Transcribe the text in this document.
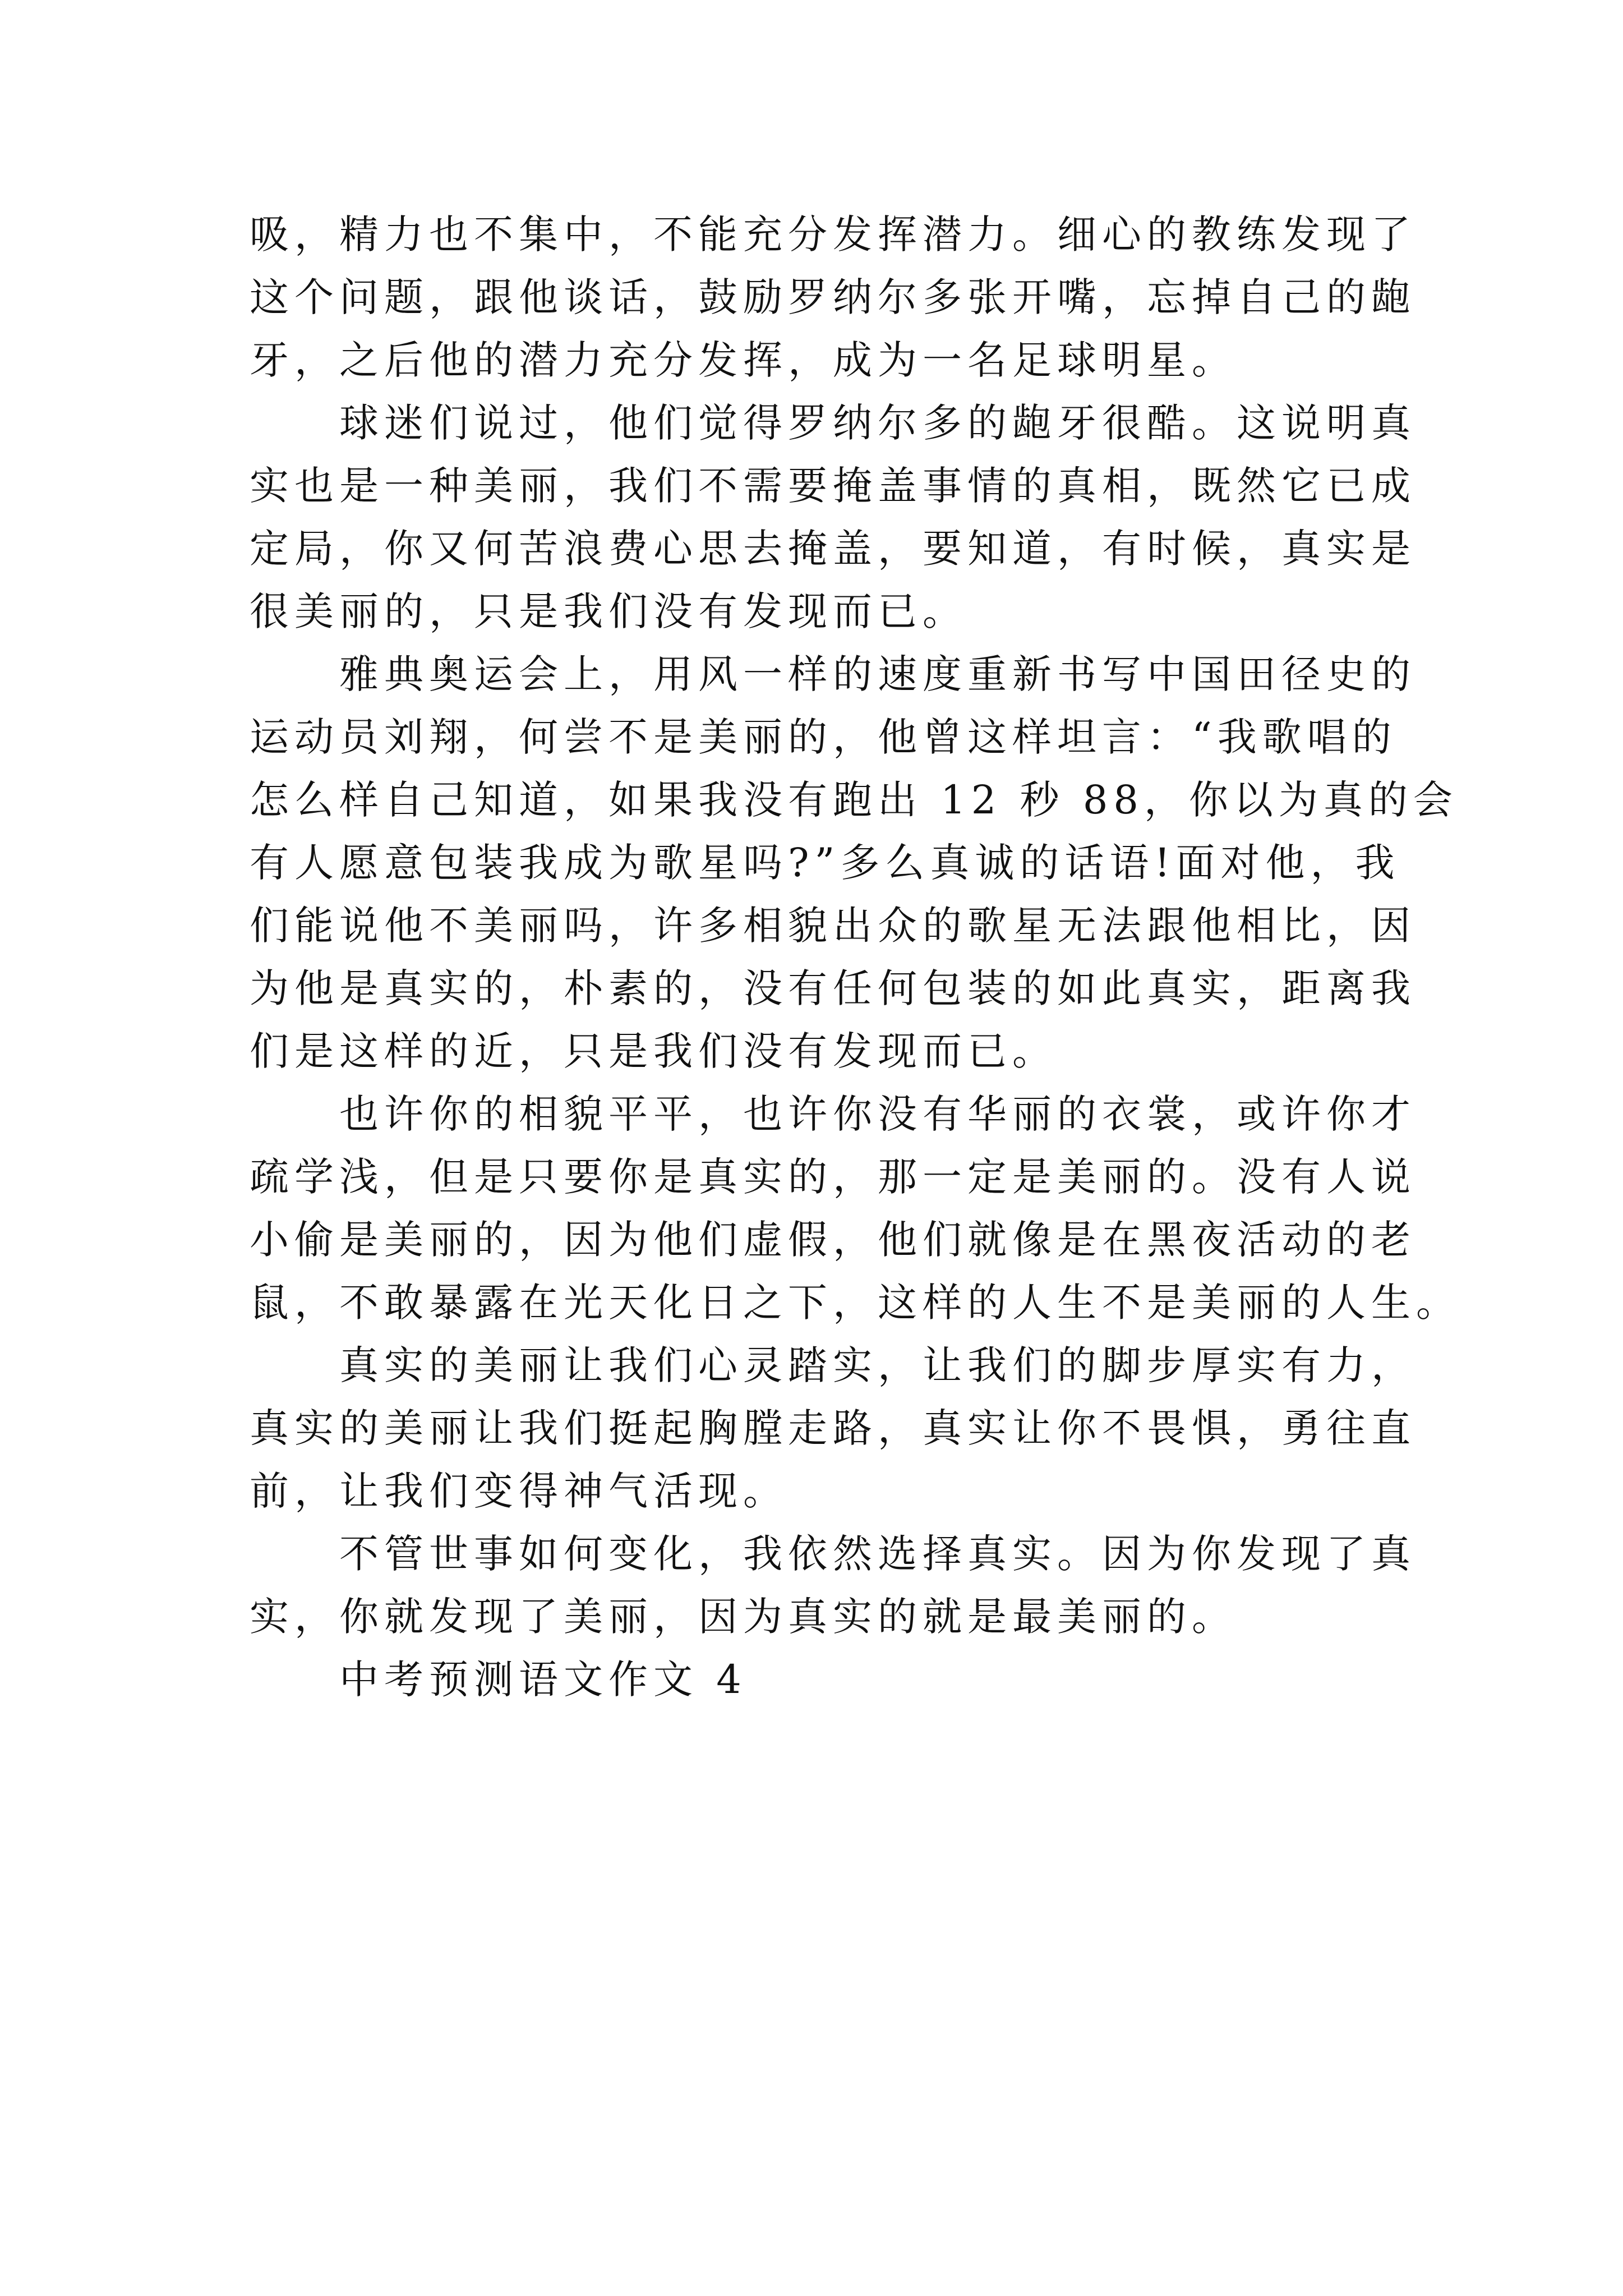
吸，精力也不集中，不能充分发挥潜力。细心的教练发现了
这个问题，跟他谈话，鼓励罗纳尔多张开嘴，忘掉自己的龅
牙，之后他的潜力充分发挥，成为一名足球明星。
球迷们说过，他们觉得罗纳尔多的龅牙很酷。这说明真
实也是一种美丽，我们不需要掩盖事情的真相，既然它已成
定局，你又何苦浪费心思去掩盖，要知道，有时候，真实是
很美丽的，只是我们没有发现而已。
雅典奥运会上，用风一样的速度重新书写中国田径史的
运动员刘翔，何尝不是美丽的，他曾这样坦言：“我歌唱的
怎么样自己知道，如果我没有跑出 12 秒 88，你以为真的会
有人愿意包装我成为歌星吗?”多么真诚的话语!面对他，我
们能说他不美丽吗，许多相貌出众的歌星无法跟他相比，因
为他是真实的，朴素的，没有任何包装的如此真实，距离我
们是这样的近，只是我们没有发现而已。
也许你的相貌平平，也许你没有华丽的衣裳，或许你才
疏学浅，但是只要你是真实的，那一定是美丽的。没有人说
小偷是美丽的，因为他们虚假，他们就像是在黑夜活动的老
鼠，不敢暴露在光天化日之下，这样的人生不是美丽的人生。
真实的美丽让我们心灵踏实，让我们的脚步厚实有力，
真实的美丽让我们挺起胸膛走路，真实让你不畏惧，勇往直
前，让我们变得神气活现。
不管世事如何变化，我依然选择真实。因为你发现了真
实，你就发现了美丽，因为真实的就是最美丽的。
中考预测语文作文 4
